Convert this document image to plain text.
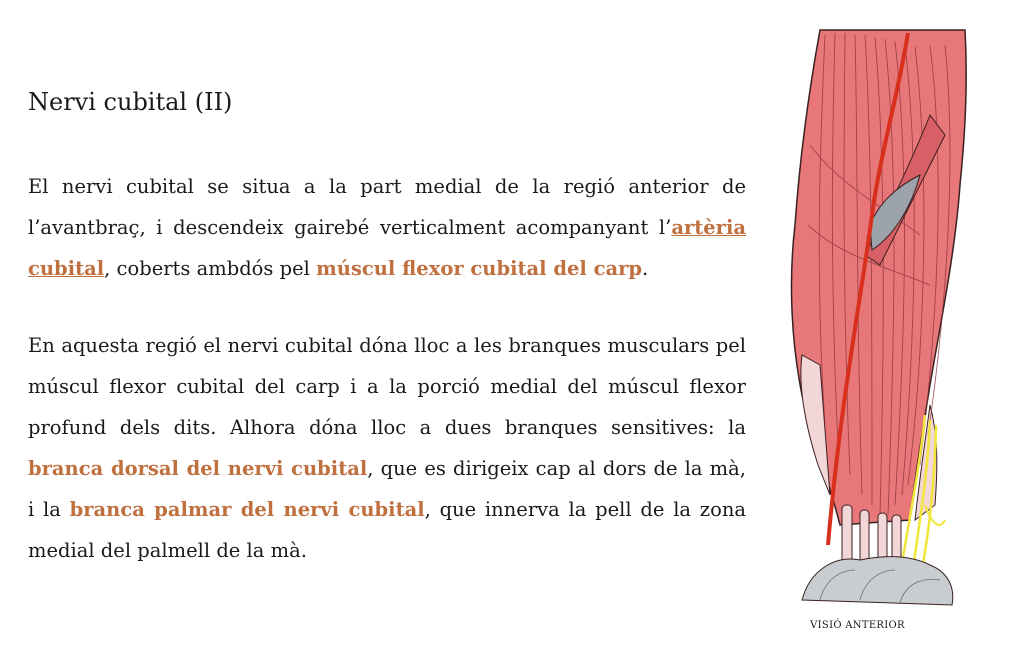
Nervi cubital (II)

El nervi cubital se situa a la part medial de la regió anterior de l’avantbraç, i descendeix gairebé verticalment acompanyant l’artèria cubital, coberts ambdós pel múscul flexor cubital del carp.

En aquesta regió el nervi cubital dóna lloc a les branques musculars pel múscul flexor cubital del carp i a la porció medial del múscul flexor profund dels dits. Alhora dóna lloc a dues branques sensitives: la branca dorsal del nervi cubital, que es dirigeix cap al dors de la mà, i la branca palmar del nervi cubital, que innerva la pell de la zona medial del palmell de la mà.

VISIÓ ANTERIOR
